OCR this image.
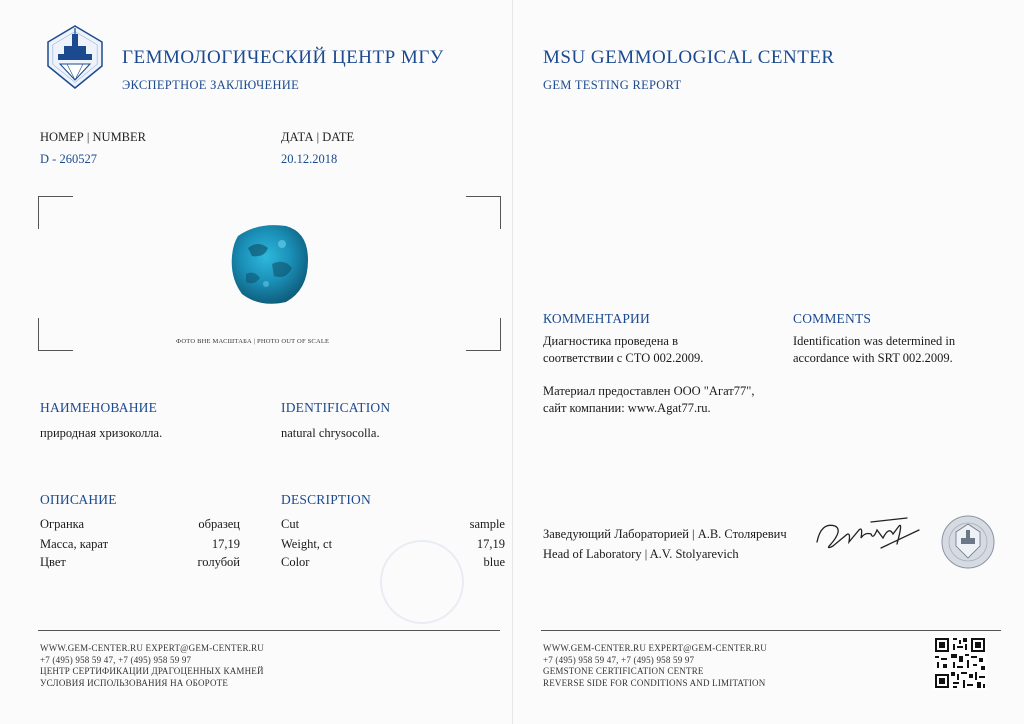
ГЕММОЛОГИЧЕСКИЙ ЦЕНТР МГУ
ЭКСПЕРТНОЕ ЗАКЛЮЧЕНИЕ
НОМЕР | NUMBER
D - 260527
ДАТА | DATE
20.12.2018
ФОТО ВНЕ МАСШТАБА | PHOTO OUT OF SCALE
НАИМЕНОВАНИЕ
природная хризоколла.
IDENTIFICATION
natural chrysocolla.
ОПИСАНИЕ	DESCRIPTION
Огранка	образец	Cut	sample
Масса, карат	17,19	Weight, ct	17,19
Цвет	голубой	Color	blue
WWW.GEM-CENTER.RU EXPERT@GEM-CENTER.RU
+7 (495) 958 59 47, +7 (495) 958 59 97
ЦЕНТР СЕРТИФИКАЦИИ ДРАГОЦЕННЫХ КАМНЕЙ
УСЛОВИЯ ИСПОЛЬЗОВАНИЯ НА ОБОРОТЕ
MSU GEMMOLOGICAL CENTER
GEM TESTING REPORT
КОММЕНТАРИИ
Диагностика проведена в
соответствии с СТО 002.2009.
Материал предоставлен ООО "Агат77",
сайт компании: www.Agat77.ru.
COMMENTS
Identification was determined in
accordance with SRT 002.2009.
Заведующий Лабораторией | А.В. Столяревич
Head of Laboratory | A.V. Stolyarevich
WWW.GEM-CENTER.RU EXPERT@GEM-CENTER.RU
+7 (495) 958 59 47, +7 (495) 958 59 97
GEMSTONE CERTIFICATION CENTRE
REVERSE SIDE FOR CONDITIONS AND LIMITATION
